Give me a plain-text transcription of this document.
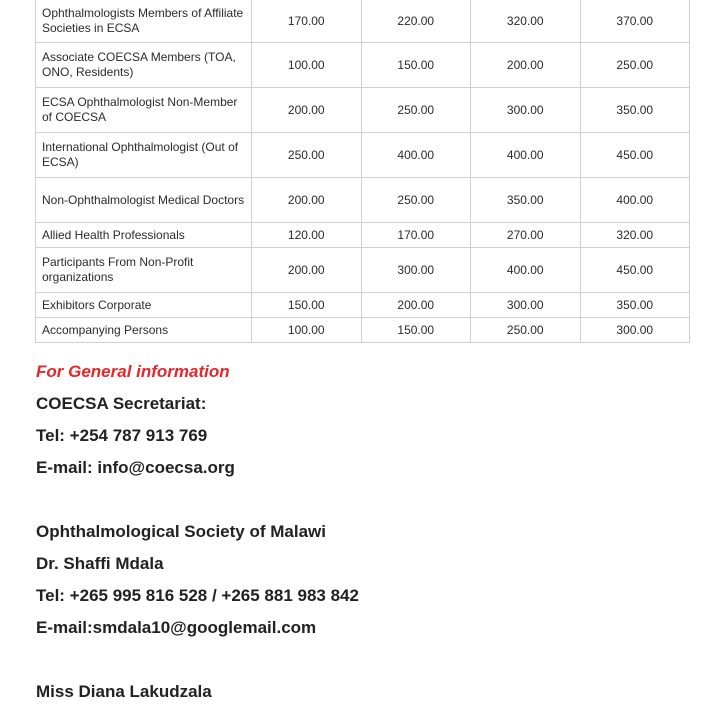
Ophthalmologists Members of Affiliate Societies in ECSA	170.00	220.00	320.00	370.00
Associate COECSA Members (TOA, ONO, Residents)	100.00	150.00	200.00	250.00
ECSA Ophthalmologist Non-Member of COECSA	200.00	250.00	300.00	350.00
International Ophthalmologist (Out of ECSA)	250.00	400.00	400.00	450.00
Non-Ophthalmologist Medical Doctors	200.00	250.00	350.00	400.00
Allied Health Professionals	120.00	170.00	270.00	320.00
Participants From Non-Profit organizations	200.00	300.00	400.00	450.00
Exhibitors Corporate	150.00	200.00	300.00	350.00
Accompanying Persons	100.00	150.00	250.00	300.00
For General information
COECSA Secretariat:
Tel: +254 787 913 769
E-mail: info@coecsa.org
Ophthalmological Society of Malawi
Dr. Shaffi Mdala
Tel: +265 995 816 528 / +265 881 983 842
E-mail:smdala10@googlemail.com
Miss Diana Lakudzala
